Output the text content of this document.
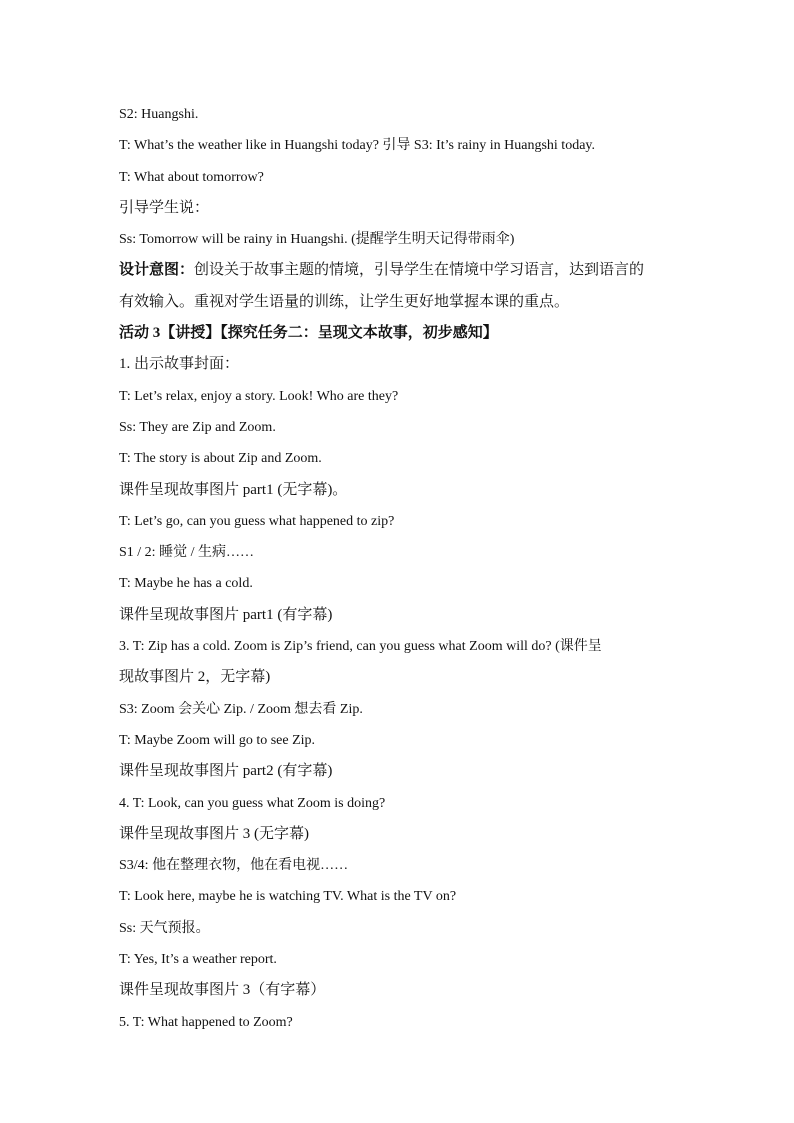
S2: Huangshi.
T: What’s the weather like in Huangshi today? 引导 S3: It’s rainy in Huangshi today.
T: What about tomorrow?
引导学生说：
Ss: Tomorrow will be rainy in Huangshi. (提醒学生明天记得带雨伞)
设计意图：创设关于故事主题的情境，引导学生在情境中学习语言，达到语言的
有效输入。重视对学生语量的训练，让学生更好地掌握本课的重点。
活动 3【讲授】【探究任务二：呈现文本故事，初步感知】
1. 出示故事封面：
T: Let’s relax, enjoy a story. Look! Who are they?
Ss: They are Zip and Zoom.
T: The story is about Zip and Zoom.
课件呈现故事图片 part1 (无字幕)。
T: Let’s go, can you guess what happened to zip?
S1 / 2: 睡觉 / 生病……
T: Maybe he has a cold.
课件呈现故事图片 part1 (有字幕)
3. T: Zip has a cold. Zoom is Zip’s friend, can you guess what Zoom will do? (课件呈
现故事图片 2，无字幕)
S3: Zoom 会关心 Zip. / Zoom 想去看 Zip.
T: Maybe Zoom will go to see Zip.
课件呈现故事图片 part2 (有字幕)
4. T: Look, can you guess what Zoom is doing?
课件呈现故事图片 3 (无字幕)
S3/4: 他在整理衣物，他在看电视……
T: Look here, maybe he is watching TV. What is the TV on?
Ss: 天气预报。
T: Yes, It’s a weather report.
课件呈现故事图片 3（有字幕）
5. T: What happened to Zoom?
